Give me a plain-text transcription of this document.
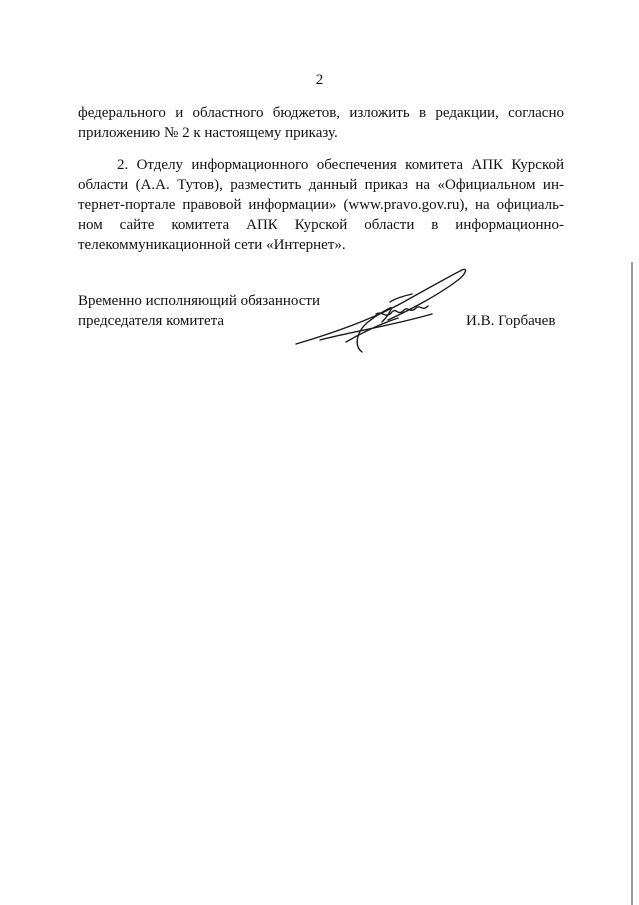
2
федерального и областного бюджетов, изложить в редакции, согласно
приложению № 2 к настоящему приказу.
2. Отделу информационного обеспечения комитета АПК Курской
области (А.А. Тутов), разместить данный приказ на «Официальном ин-
тернет-портале правовой информации» (www.pravo.gov.ru), на официаль-
ном сайте комитета АПК Курской области в информационно-
телекоммуникационной сети «Интернет».
Временно исполняющий обязанности
председателя комитета	И.В. Горбачев
